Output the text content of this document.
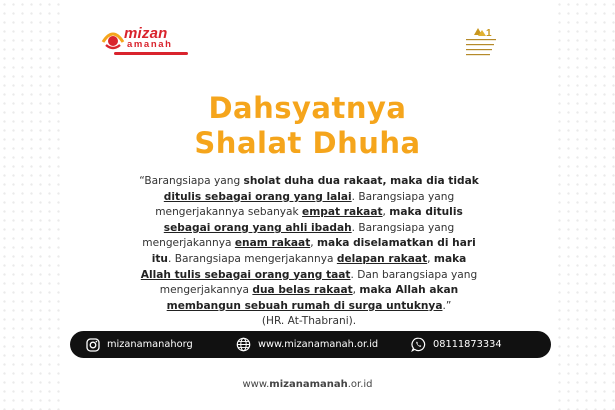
mizan
amanah
1
Dahsyatnya
Shalat Dhuha
“Barangsiapa yang sholat duha dua rakaat, maka dia tidak
ditulis sebagai orang yang lalai. Barangsiapa yang
mengerjakannya sebanyak empat rakaat, maka ditulis
sebagai orang yang ahli ibadah. Barangsiapa yang
mengerjakannya enam rakaat, maka diselamatkan di hari
itu. Barangsiapa mengerjakannya delapan rakaat, maka
Allah tulis sebagai orang yang taat. Dan barangsiapa yang
mengerjakannya dua belas rakaat, maka Allah akan
membangun sebuah rumah di surga untuknya.”
(HR. At-Thabrani).
mizanamanahorg	www.mizanamanah.or.id	08111873334
www.mizanamanah.or.id
